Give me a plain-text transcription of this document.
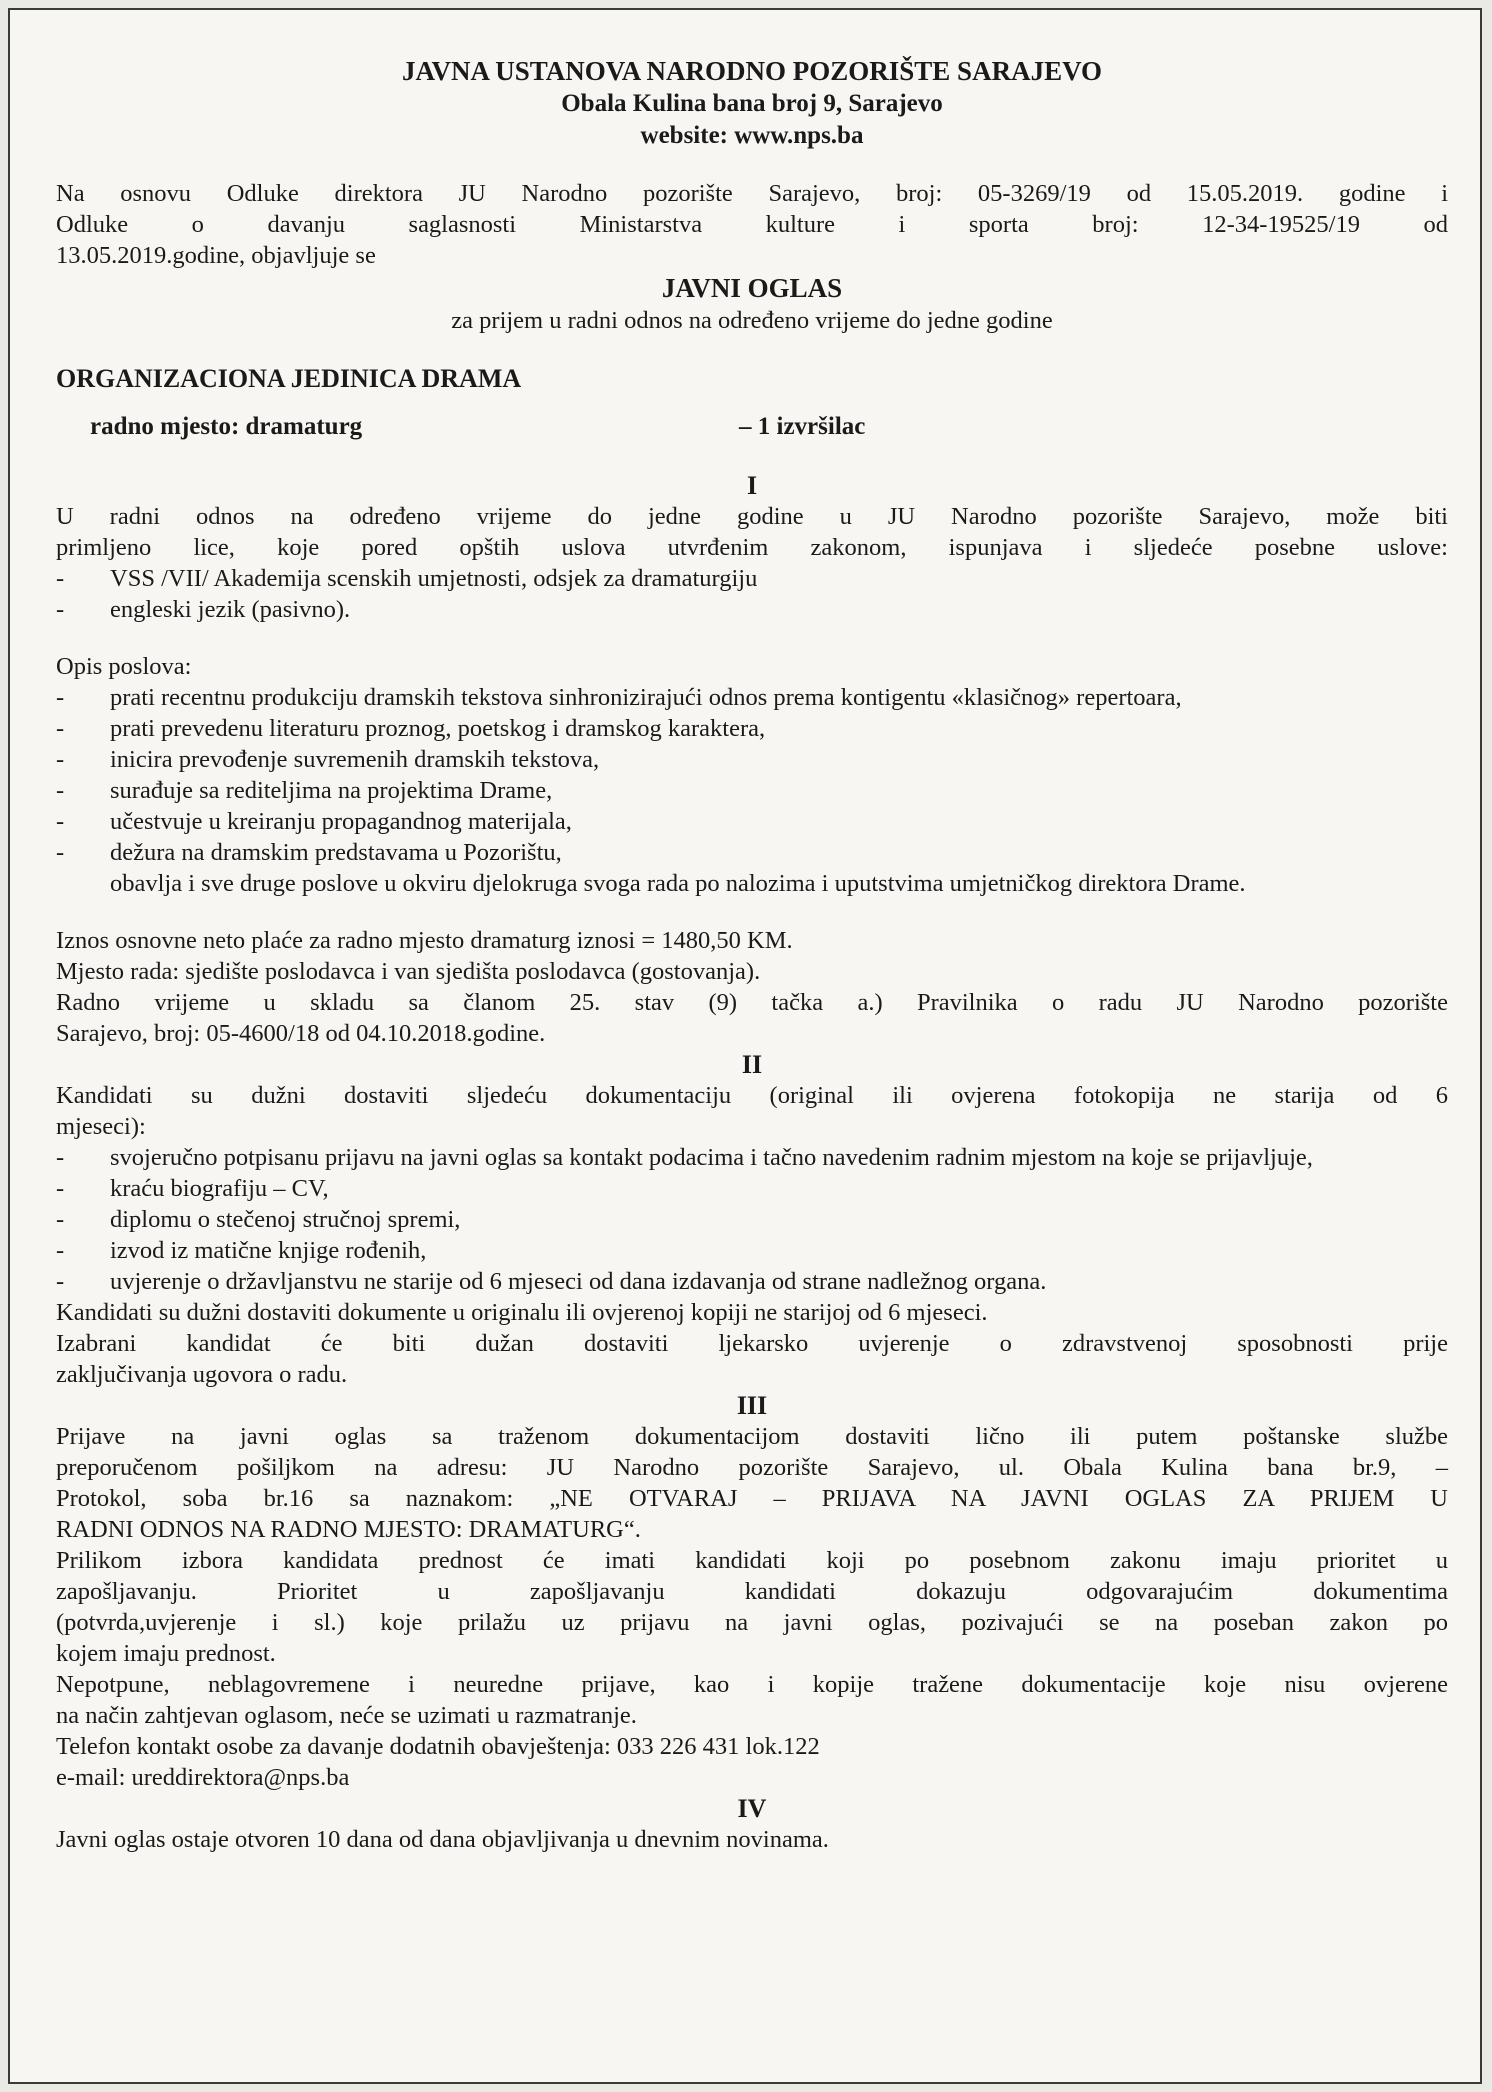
JAVNA USTANOVA NARODNO POZORIŠTE SARAJEVO

Obala Kulina bana broj 9, Sarajevo

website: www.nps.ba

Na osnovu Odluke direktora JU Narodno pozorište Sarajevo, broj: 05-3269/19 od 15.05.2019. godine i

Odluke o davanju saglasnosti Ministarstva kulture i sporta broj: 12-34-19525/19 od

13.05.2019.godine, objavljuje se

JAVNI OGLAS

za prijem u radni odnos na određeno vrijeme do jedne godine

ORGANIZACIONA JEDINICA DRAMA

radno mjesto: dramaturg	– 1 izvršilac

I

U radni odnos na određeno vrijeme do jedne godine u JU Narodno pozorište Sarajevo, može biti

primljeno lice, koje pored opštih uslova utvrđenim zakonom, ispunjava i sljedeće posebne uslove:

- VSS /VII/ Akademija scenskih umjetnosti, odsjek za dramaturgiju
- engleski jezik (pasivno).

Opis poslova:

- prati recentnu produkciju dramskih tekstova sinhronizirajući odnos prema kontigentu «klasičnog» repertoara,
- prati prevedenu literaturu proznog, poetskog i dramskog karaktera,
- inicira prevođenje suvremenih dramskih tekstova,
- surađuje sa rediteljima na projektima Drame,
- učestvuje u kreiranju propagandnog materijala,
- dežura na dramskim predstavama u Pozorištu,

obavlja i sve druge poslove u okviru djelokruga svoga rada po nalozima i uputstvima umjetničkog direktora Drame.

Iznos osnovne neto plaće za radno mjesto dramaturg iznosi = 1480,50 KM.

Mjesto rada: sjedište poslodavca i van sjedišta poslodavca (gostovanja).

Radno vrijeme u skladu sa članom 25. stav (9) tačka a.) Pravilnika o radu JU Narodno pozorište

Sarajevo, broj: 05-4600/18 od 04.10.2018.godine.

II

Kandidati su dužni dostaviti sljedeću dokumentaciju (original ili ovjerena fotokopija ne starija od 6

mjeseci):

- svojeručno potpisanu prijavu na javni oglas sa kontakt podacima i tačno navedenim radnim mjestom na koje se prijavljuje,
- kraću biografiju – CV,
- diplomu o stečenoj stručnoj spremi,
- izvod iz matične knjige rođenih,
- uvjerenje o državljanstvu ne starije od 6 mjeseci od dana izdavanja od strane nadležnog organa.

Kandidati su dužni dostaviti dokumente u originalu ili ovjerenoj kopiji ne starijoj od 6 mjeseci.

Izabrani kandidat će biti dužan dostaviti ljekarsko uvjerenje o zdravstvenoj sposobnosti prije

zaključivanja ugovora o radu.

III

Prijave na javni oglas sa traženom dokumentacijom dostaviti lično ili putem poštanske službe

preporučenom pošiljkom na adresu: JU Narodno pozorište Sarajevo, ul. Obala Kulina bana br.9, –

Protokol, soba br.16 sa naznakom: „NE OTVARAJ – PRIJAVA NA JAVNI OGLAS ZA PRIJEM U

RADNI ODNOS NA RADNO MJESTO: DRAMATURG“.

Prilikom izbora kandidata prednost će imati kandidati koji po posebnom zakonu imaju prioritet u

zapošljavanju. Prioritet u zapošljavanju kandidati dokazuju odgovarajućim dokumentima

(potvrda,uvjerenje i sl.) koje prilažu uz prijavu na javni oglas, pozivajući se na poseban zakon po

kojem imaju prednost.

Nepotpune, neblagovremene i neuredne prijave, kao i kopije tražene dokumentacije koje nisu ovjerene

na način zahtjevan oglasom, neće se uzimati u razmatranje.

Telefon kontakt osobe za davanje dodatnih obavještenja: 033 226 431 lok.122

e-mail: ureddirektora@nps.ba

IV

Javni oglas ostaje otvoren 10 dana od dana objavljivanja u dnevnim novinama.
